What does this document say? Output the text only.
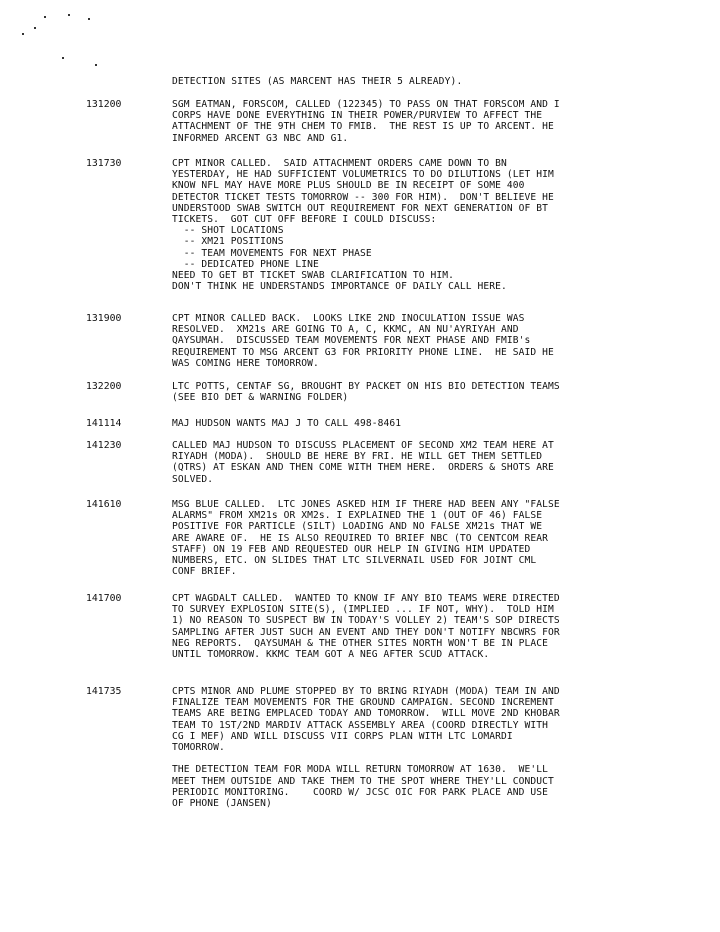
DETECTION SITES (AS MARCENT HAS THEIR 5 ALREADY).
131200	SGM EATMAN, FORSCOM, CALLED (122345) TO PASS ON THAT FORSCOM AND I
CORPS HAVE DONE EVERYTHING IN THEIR POWER/PURVIEW TO AFFECT THE
ATTACHMENT OF THE 9TH CHEM TO FMIB.  THE REST IS UP TO ARCENT. HE
INFORMED ARCENT G3 NBC AND G1.
131730	CPT MINOR CALLED.  SAID ATTACHMENT ORDERS CAME DOWN TO BN
YESTERDAY, HE HAD SUFFICIENT VOLUMETRICS TO DO DILUTIONS (LET HIM
KNOW NFL MAY HAVE MORE PLUS SHOULD BE IN RECEIPT OF SOME 400
DETECTOR TICKET TESTS TOMORROW -- 300 FOR HIM).  DON'T BELIEVE HE
UNDERSTOOD SWAB SWITCH OUT REQUIREMENT FOR NEXT GENERATION OF BT
TICKETS.  GOT CUT OFF BEFORE I COULD DISCUSS:
-- SHOT LOCATIONS
-- XM21 POSITIONS
-- TEAM MOVEMENTS FOR NEXT PHASE
-- DEDICATED PHONE LINE
NEED TO GET BT TICKET SWAB CLARIFICATION TO HIM.
DON'T THINK HE UNDERSTANDS IMPORTANCE OF DAILY CALL HERE.
131900	CPT MINOR CALLED BACK.  LOOKS LIKE 2ND INOCULATION ISSUE WAS
RESOLVED.  XM21s ARE GOING TO A, C, KKMC, AN NU'AYRIYAH AND
QAYSUMAH.  DISCUSSED TEAM MOVEMENTS FOR NEXT PHASE AND FMIB's
REQUIREMENT TO MSG ARCENT G3 FOR PRIORITY PHONE LINE.  HE SAID HE
WAS COMING HERE TOMORROW.
132200	LTC POTTS, CENTAF SG, BROUGHT BY PACKET ON HIS BIO DETECTION TEAMS
(SEE BIO DET & WARNING FOLDER)
141114	MAJ HUDSON WANTS MAJ J TO CALL 498-8461
141230	CALLED MAJ HUDSON TO DISCUSS PLACEMENT OF SECOND XM2 TEAM HERE AT
RIYADH (MODA).  SHOULD BE HERE BY FRI. HE WILL GET THEM SETTLED
(QTRS) AT ESKAN AND THEN COME WITH THEM HERE.  ORDERS & SHOTS ARE
SOLVED.
141610	MSG BLUE CALLED.  LTC JONES ASKED HIM IF THERE HAD BEEN ANY "FALSE
ALARMS" FROM XM21s OR XM2s. I EXPLAINED THE 1 (OUT OF 46) FALSE
POSITIVE FOR PARTICLE (SILT) LOADING AND NO FALSE XM21s THAT WE
ARE AWARE OF.  HE IS ALSO REQUIRED TO BRIEF NBC (TO CENTCOM REAR
STAFF) ON 19 FEB AND REQUESTED OUR HELP IN GIVING HIM UPDATED
NUMBERS, ETC. ON SLIDES THAT LTC SILVERNAIL USED FOR JOINT CML
CONF BRIEF.
141700	CPT WAGDALT CALLED.  WANTED TO KNOW IF ANY BIO TEAMS WERE DIRECTED
TO SURVEY EXPLOSION SITE(S), (IMPLIED ... IF NOT, WHY).  TOLD HIM
1) NO REASON TO SUSPECT BW IN TODAY'S VOLLEY 2) TEAM'S SOP DIRECTS
SAMPLING AFTER JUST SUCH AN EVENT AND THEY DON'T NOTIFY NBCWRS FOR
NEG REPORTS.  QAYSUMAH & THE OTHER SITES NORTH WON'T BE IN PLACE
UNTIL TOMORROW. KKMC TEAM GOT A NEG AFTER SCUD ATTACK.
141735	CPTS MINOR AND PLUME STOPPED BY TO BRING RIYADH (MODA) TEAM IN AND
FINALIZE TEAM MOVEMENTS FOR THE GROUND CAMPAIGN. SECOND INCREMENT
TEAMS ARE BEING EMPLACED TODAY AND TOMORROW.  WILL MOVE 2ND KHOBAR
TEAM TO 1ST/2ND MARDIV ATTACK ASSEMBLY AREA (COORD DIRECTLY WITH
CG I MEF) AND WILL DISCUSS VII CORPS PLAN WITH LTC LOMARDI
TOMORROW.

THE DETECTION TEAM FOR MODA WILL RETURN TOMORROW AT 1630.  WE'LL
MEET THEM OUTSIDE AND TAKE THEM TO THE SPOT WHERE THEY'LL CONDUCT
PERIODIC MONITORING.    COORD W/ JCSC OIC FOR PARK PLACE AND USE
OF PHONE (JANSEN)
